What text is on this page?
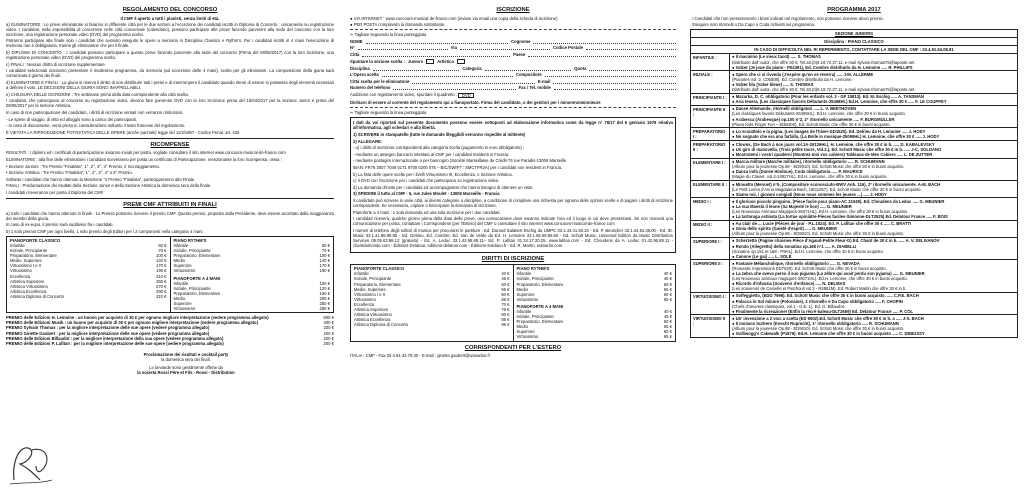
REGOLAMENTO DEL CONCORSO
Il CMF è aperto a tutti i pianisti, senza limiti di età.

a) ELIMINATORIE : Le prove eliminatorie si faranno in differente città per le due sezioni a l'eccezione dei candidati iscritti in Diploma di Concerto : unicamente su registrazione video. I candidati, nella impossibilità di concorrere nelle città concernate (calendario), possono participare alle prove facendo parvenire alla sede del concorso con la loro iscrizione, una registrazione personale video (DVD) del programma scelto.

Potranno participare alla finale solo i candidati che avranno eseguito le opere a memoria in Disciplina Classico e Rythm's. Per i candidati iscritti in 4 mani l'esecuzione di memoria non è obbligatoria, tranne gli eliminatorie che per il finale.

b) DIPLOMA DI CONCERTO : I candidati possono participare a questo prove facendo parvenire alla sede del concorso (Prima del 08/05/2017) con la loro iscrizione, una registrazione personale video (DVD) del programma scelto.

c) FINALI : Nessun diritto di iscrizione supplementare.

I candidati selezionati dovranno presentare il medesimo programma, da memoria (ad eccezione delle 4 mani), scelto per gli eliminatori. La composizione della giuria sarà comunicata il giorno dei finali.

d) ELIMINATORIE E FINALI : La giuria si riserva il diritto di non distribuire tutti i premi e di interrompere il candidato quando ritenè di essere in possesso degli elementi necessari a definire il voto. LE DECISIONI DELLA GIURIA SONO INAPPELLABILI.

e) CHIUSURA DELLE ISCRIZIONI : Tre settimane prima della data corrispondente alla città scelta.

I candidati, che partecipano al concorso su registrazione video, devono fare parvenire DVD con la loro iscrizione prima del 15/04/2017 per la sezione Junior e prima del 08/05/2017 per la sezione Artistica.

In caso di non partecipazione del candidato, i diritti di iscrizione versati non verranno rimborsati.

- Le spese di viaggio, di vitto ed alloggio sono a carico dei partecipanti.

- In caso di discussione, verrà preso in considerazione soltanto il testo francese del regolamento.

È VIETATA LA RIPRODUZIONE FOTOSTATICA DELLE OPERE (anche parziale) legge del 11/3/1957 - Codice Penal, art. 425

RICOMPENSE

RISULTATI : I diplomi ed i certificati di partecipazione saranno inviati per posta, vogliate consultare il sito internet www.concours-musical-de-france.com

ELIMINATORIE : alla fine delle eliminatorie i candidati riceveranno per posta un certificato di Partecipazione, menzionante la loro ricompensa, ossia :

• Sezione Juniors : Tre Premio "Finalista", 1°, 2°, 3°, 4° Premio, ir Incoraggiamento.

• Sezione Artistica : Tre Premio "Finalista", 1°, 2°, 3°, 4° o 5° Premio.

Soltanto i candidati che hanno ottenuto la Menzione "o Premio "Finalista", partecipperanno alla Finale.

FINALI : Proclamazione dei risultati della Sezione Junior e della Sezione Artistica la domenica sera della finale.

I candidati riceveranno per posta il Diploma del CMF.

PREMI CMF ATTRIBUITI IN FINALI

a) Solo i candidati che hanno attenuto in finale : 1o Premio potranno ricevere il premio CMF. Questo premio, proposto dalla Presidente, deve essere accettato dalla maggioranza dei membri della giuria.

In caso di ex-equo, il premio sarà suddiviso fra i candidati.

b) 1 solo premio CMF per ogni livello, 1 solo premio degli Editori per i 2 componenti nella categoria 4 mani.

PIANOFORTE CLASSICO
Infantile	50 €
Iniziale, Principiante	70 €
Preparatorio, Elementare	100 €
Medio, Superiore	140 €
Virtuosismo I e II	170 €
Virtuosismo	190 €
Eccellenza	210 €
Artistica Superiore	250 €
Artistica Virtuosismo	270 €
Artistica Eccellenza	290 €
Artistica Diploma di Concerto	310 €

PIANO RYTHM'S
Infantile	50 €
Iniziale, Principiante	70 €
Preparatorio, Elementare	100 €
Medio	140 €
Superiore	170 €
Virtuosismo	190 €
PIANOFORTE A 4 MANI
Infantile	100 €
Iniziale, Principiante	120 €
Preparatorio, Elementare	150 €
Medio	200 €
Superiore	250 €
Virtuosismo	280 €
PREMIO delle Edizioni H. Lemoine : un buono per acquisto di 30 € per ognuno migliore interpretazione (vedere programma allegato)	600 €
PREMIO delle Edizioni Musik : un buono per acquisto di 30 € per ognuno migliore interpretazione (vedere programma allegato)	300 €
PREMIO Sylvain Thomas : per la migliore interpretazione delle sue opere (vedere programma allegato)	200 €
PREMIO Ginette Gaubert : per la migliore interpretazione delle sue opere (vedere programma allegato)	200 €
PREMIO delle Edizioni Billaudot : per la migliore interpretazione della sua opere (vedere programma allegato)	200 €
PREMIO delle Edizioni P. Lafitan : per la migliore interpretazione delle sue opere (vedere programma allegato)	200 €
Proclamazione dei risultati e cocktail party
la domenica sera dei finali.
Le bevande sono gentilmente offerte da
la società Rossi Père et Fils - Rossi - Distribution
ISCRIZIONE

● VIA INTERNET : www.concours-musical-de-france.com (inviare via email una copia della scheda di iscrizione)

● PER POSTA compilando la domanda sottostante.

✂ Tagliare seguendo la linea punteggiata
NOME	Cognome
N°	Via	Codice Postale
Città	Paese
Spuntare la sezione scelta : Juniors	Artistica
Disciplina	Categoria	Quota
L'Opera scelta	Compositore
Città scelta per le eliminatorie	E-mail
Numero del telefono	Fax / Tel. mobile
Audizione con registramento video, spuntare il quadretto : DVD
Dichiaro di essere al corrente del regolamento qui a fianoportato. Firma del candidato, o dei genitori per i minorenniminnieurs
✂ Tagliare seguendo la linea punteggiata

I dati da voi riportati sul presente documento possono essere sottoposti ad elaborazione informatica come da legge n° 78/17 del 6 gennaio 1978 relativa all'informatica, agli schedari e alla libertà.

1) SCRIVERE in stampatello (tutte le domande illeggibili verranno rispedite al mittente)

2) ALLEGARE:

- a) i diritti di iscrizione corrispondenti alla categoria scelta (pagamento in euro obbligatorio) :

- mediante un assegno bancario intestato al CMF per i candidati residenti in Francia

- mediante postagiro internazionale o per bancogiro (Société Marseillaise de Crédit-75 rue Paradis-13006 Marseille

IBAN: FR76 3007 7049 0171 9700 0200 075 – BIC/SWIFT : SMCTFR2A) per i candidati non residenti in Francia.

b) La lista delle opere scelte per i livelli Virtuosismo III, Eccellenza, e Sezione Artistica.

c) Il DVD con l'iscrizione per i candidati che partecipano su registrazione video.

d) La domanda d'invito per i candidati ed accompagnatori che hanno bisogno di ottenere un visto.

3) SPEDIRE il tutto al CMF - 5, rue Jules Moulet - 13006 Marseille - Francia

Il candidato può scrivere in varie città, ai diversi categorie o discipline, a condizione di compilare una richiesta per ognuna delle opzioni scelte e di pagare i diritti di iscrizione corrispondenti. Se necessario, copiare o fotocopiare la domanda di iscrizione.

Pianoforte a 4 mani : 1 sola domanda ed una sola iscrizione per i due candidati.

I candidati riceverà, qualche giorno prima della data delle prove, una convocazione dove saranno indicate l'ora ed il luogo in cui deve presentarsi. Se non riceverà una comunicazione per posta, contattare i Corrispondenti (per l'Estero) del CMF o consultare il sito internet www.concours-musical-de-france.com

I numeri di telefono degli editori di musica per procurarsi le partiture : Ed. Durand Salabert Eschig da UMPC 33.1.44.41.50.23 - Ed. P. Beuscher 33.1.44.54.36.00 - Ed. ID. Music 33.1.41.88.98.85 - Ed. Delrieu, Ed. Combre, Ed. Van de Velde da Ed. H. Lemoine 33.1.56.68.86.65 - Ed. Schott Music, Universal Edition da Music Distribution Services 08.05.63.98.13 (gratuito) - Ed. A. Leduc 33.1.42.96.89.11– Ed. P. Lafitan 01.34.17.20.25, www.lafitan.com - Ed. Choudens da A. Leduc 01.42.96.89.11 - chantdumonde.com - Éditions Delatour, editions-delatour.com - Éditions-Soldano.fr - Ed. R. Martin, edmartin.com.

DIRITTI DI ISCRIZIONE
PIANOFORTE CLASSICO
Infantile	40 €
Iniziale, Principiante	45 €
Preparatorio, Elementare	50 €
Medio, Superiore	55 €
Virtuosismo I e II	60 €
Virtuosismo	65 €
Eccellenza	70 €
Artistica Superiore	75 €
Artistica Virtuosismo	80 €
Artistica Eccellenza	85 €
Artistica Diploma di Concerto	95 €

PIANO RYTHM'S
Infantile	40 €
Iniziale, Principiante	45 €
Preparatorio, Elementare	50 €
Medio	55 €
Superiore	60 €
Virtuosismo	65 €
PIANOFORTE A 4 MANI
Infantile	40 €
Iniziale, Principiante	45 €
Preparatorio, Elementare	50 €
Medio	55 €
Superiore	60 €
Virtuosismo	65 €
CORRISPONDENTI PER L'ESTERO
ITALIA : CMF - Fax 33.4.91.33.79.30 - E-mail : ginette.gaubert@wanadoo.fr
PROGRAMMA 2017

. I Candidati che non presenteranno i brani indicati nel regolamento, non potranno ricevere alcun premio.

. Eseguire solo ritornelli o Da Capo o Coda richiesti sul programma.

SEZIONE JUNIORS
Disciplina : PIANO CLASSICO
IN CASO DI DIFFICOLTÀ NEL RI REPERIMENTO, CONTATTARE LA SEDE DEL CMF : 33.4.91.54.08.81
INFANTILE :	● Il macinino (Le vieux tacot) ..... S. THOMAS
Distribuito dall' autor, che offre 30 €. Tel.33.(0)6.19.72.37.11, e-mail sylvain.thomas75@laposte.net
● Valzer (Je joue du piano - P04391), Ed. Combre distribuito da H. Lemoine ..... R. PHILLIPS
INIZIALE :	● Spero che ci si rivveda (J'espère qu'on se reverra) ..... J-M. ALLERME
(Pianotes vol. 2, C05508). Ed. Combre distribuito da H. Lemoine.
● Valzer blu (Valse bleue) ..... S. THOMAS
Distribuito dall' autor, che offre 30 €. Tel.33.(0)6.19.72.37.11, e-mail sylvain.thomas75@laposte.net
PRINCIPIANTE I :	● Mazurka, D. C. obbligatorio (Pour les enfants vol. 2 - GF 15813). Ed. M. Eschig ..... A. TANSMAN
● Aria tenera, (Les classiques favoris Débutants-25498HL) Ed.H. Lemoine, che offre 30 € ..... F. LE COUPPEY
PRINCIPIANTE II :
● Danse Allemande, ritornelli obbligatori ..... L. V. BEETHOVEN
(Les classiques favoris Débutants-25498HL). Ed.H. Lemoine, che offre 30 € in buoni acquisto.
● Arabesca (Arabesque) op.100 n°2, 2° ritornello unicamente ..... F. BURGMÜLLER
(Piano Kids Finger Fun – EDB300), Ed. Schott Music che offre 30 € in buoni acquisto.
PREPARATORIO I :
● Lo scoiattolo e la pigna, (Les images de l'hiver-GD1520). Ed. Delrieu da H. Lemoine ..... J. HODY
● No sognato che era una farfalla, (La Bolle in musique-25099HL) H. Lemoine, che offre 30 € ..... J. HODY
PREPARATORIO II :
● Clowns, (De Bach à nos jours vol.1A-26126HL). H. Lemoine, che offre 30 € in b. ..... D. KABALEVSKY
● Un giro di manovella, (Trois petits tours, Vol.2.), Ed. Schott Music che offre 30 € in b. ..... J-C. SOLDANO
● Mostratemi i vostri quaderni (Montrez-moi vos cahiers) Tableaux de Mes Cahiers ..... L. DE ZUTTER
ELEMENTARE I :	● Marcia militare (Marche militaire), ritornello obbligatorio ..... R. SCHUMANN
(Album pour la jeunesse Op.68 - ED9010). Ed. Schott Music che offre 30 € in buoni acquisto.
● Danza indù (Danse Hindoue), Coda obbligatoria ..... P. MAURICE
(Magie du Clavier, vol.2-24927HL). Ed.H. Lemoine, che offre 30 € in buoni acquisto.
ELEMENTARE II :	● Minuetto (Menuet) n°5, (Compositore sconosciuto-BWV Anh. 116), 2° ritornello unicamente. A-M. BACH
(Le Petit Livres d'Anna Magdalena Bach, UE11057). Ed. Schott Music che offre 30 € in buoni acquisto.
● Siamo noi, i giovani congiati (Nous nous sommes les jeunes ...) ..... J. HODY
MEDIO I :	● Il glorioso piccolo pinguino, (Piece facile pour piano-AC 21049). Ed. Choudens da Leduc ..... G. MEUNIER
● La sua Maestà il leone (Sa Majesté le lion) ..... G. MEUNIER
(Les Nouveaux Animaux Magiques-26071HL). Ed.H. Lemoine, che offre 30 € in buoni acquisto.
● La tartaruga ostinata (La tortue opiniâtre-Pièces faciles-Simonne-DLT2525) Ed. Delatour France ..... F. BOIS
MEDIO II :	● Au clair de ... Lucie (Pièces de jour - P.L.1024). Ed. P. Lafitan che offre 30 € ..... C. BRATTI
● Gioia dello spirito (Gaieté d'esprit) ..... G. MEUNIER
(Album pour la jeunesse Op.68 - ED9010). Ed. Schott Music che offre 30 € in buoni acquisto.
SUPERIORE I :	● Scherzetto (Pagine choisies-Pièce d'Agaud-Petite Fleur-G) Ed. Chant de 30 € in b. ..... A. V. SELIVANOV
● Rondo (Allegretto) della sonatina op.168 n°1 ..... A. DIABELLI
(Sonatine op.151 et 168 - P9HL). Ed.H. Lemoine, che offre 30 € in buoni acquisto.
● Canone (Le gai) ..... L. SOLÉ
SUPERIORE II :	● Fantasie Mélancholique, ritornello obbligatorio ..... G. NEVADA
(Romantic Impressions ED7820). Ed. Schott Music che offre 30 € in buoni acquisto.
● La zebra che aveva perso il suo pigiama (La zèbre qui avait perdu son pyjama) ..... G. MEUNIER
(Les Nouveaux animaux magiques-26071HL). Ed.H. Lemoine, che offre 30 € in buoni acquisto.
● Ricordo d'infanzia (Souvenir d'enfance) ..... N. DELMAS
(Les souvenirs de Camelle et Patchouli vol.3 - R4861M). Ed. Robert Martin che offre 30 € in b.
VIRTUOSISMO I :	● Solfeggietto, (EDO 7996). Ed. Schott Music che offre 30 € in buoni acquisto. ..... C.P.E. BACH
● Polacca in Sol minore (Polonaise), 2 ritornello e Da Capo obbligatorio ..... F. CHOPIN
(Chefs d'oeuvres classiques, vol.1 - G.E. 1). Ed. G. Billaudot.
● Finalmente la ricreazione! (Enfin la récré-baleau-DLT2659) Ed. Delatour France ..... P. COL
VIRTUOSISMO II :
● Un' invenzione a 2 voci a scelta (ED 9002).Ed. Schott Music che offre 30 € in b. a ..... J-S. BACH
● Il monaco burbero (Knecht Ruprecht), 1° ritornello obbligatorio ..... R. SCHUMANN
(Album pour la jeunesse Op.68 - ED9010). Ed. Schott Music che offre 30 € in buoni acquisto.
● Golliwogg's Cakewalk (P1876). Ed.H. Lemoine che offre 30 € in buoni acquisto ..... C. DEBUSSY
